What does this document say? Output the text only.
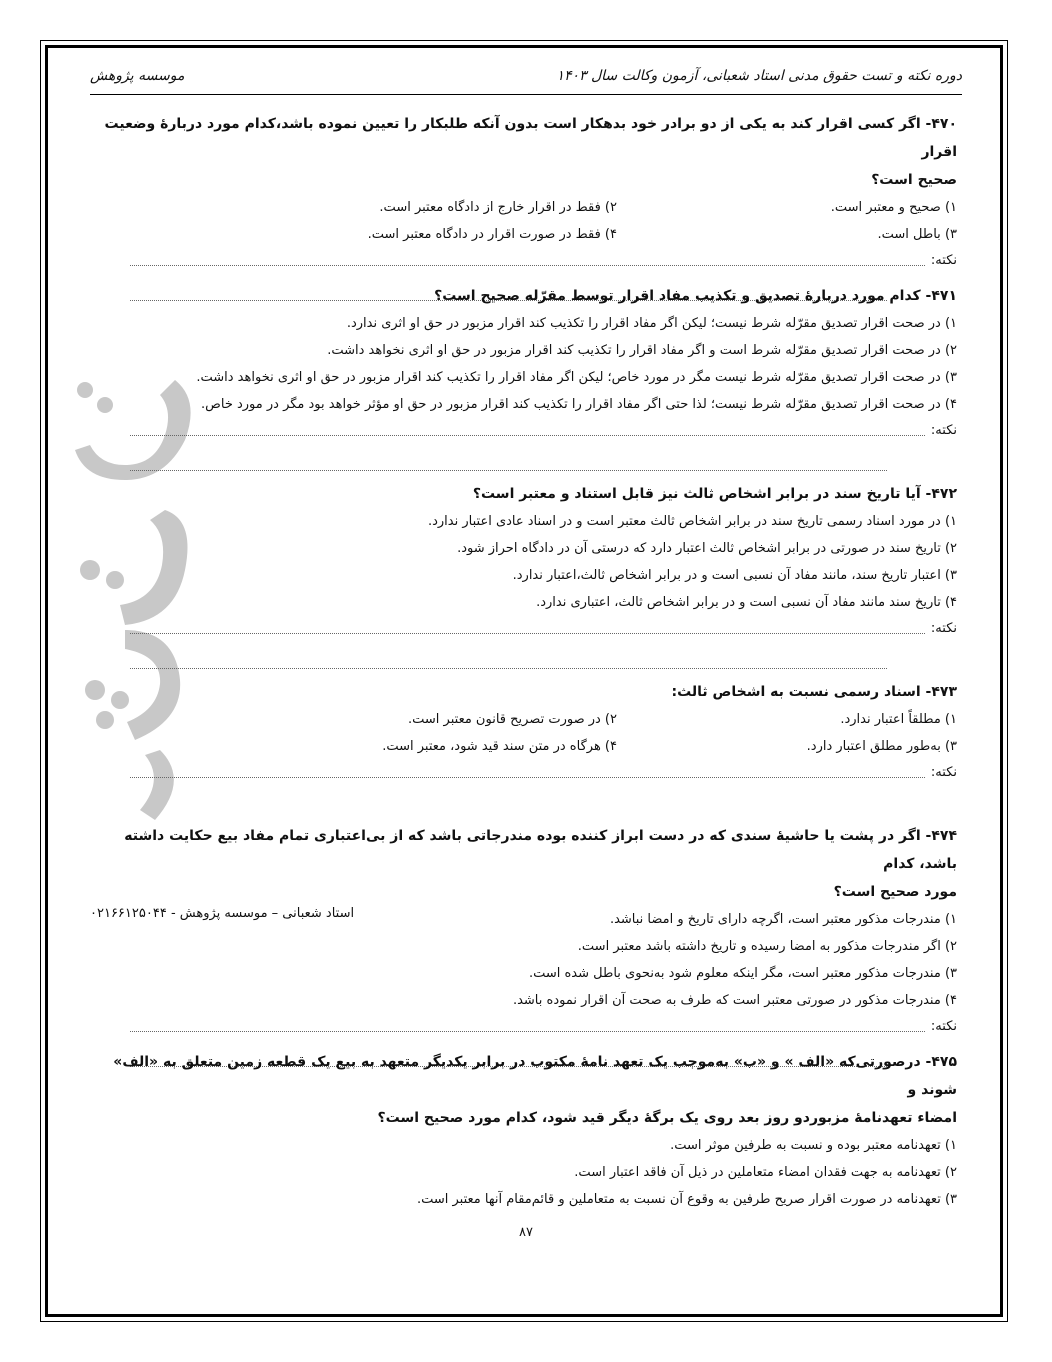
دوره نکته و تست حقوق مدنی استاد شعبانی، آزمون وکالت سال ۱۴۰۳
موسسه پژوهش
۴۷۰- اگر کسی اقرار کند به یکی از دو برادر خود بدهکار است بدون آنکه طلبکار را تعیین نموده باشد،کدام مورد دربارۀ وضعیت اقرار
صحیح است؟
۱) صحیح و معتبر است.
۲) فقط در اقرار خارج از دادگاه معتبر است.
۳) باطل است.
۴) فقط در صورت اقرار در دادگاه معتبر است.
نکته:
۴۷۱- کدام مورد دربارۀ تصدیق و تکذیب مفاد اقرار توسط مقرّله صحیح است؟
۱) در صحت اقرار تصدیق مقرّله شرط نیست؛ لیکن اگر مفاد اقرار را تکذیب کند اقرار مزبور در حق او اثری ندارد.
۲) در صحت اقرار تصدیق مقرّله شرط است و اگر مفاد اقرار را تکذیب کند اقرار مزبور در حق او اثری نخواهد داشت.
۳) در صحت اقرار تصدیق مقرّله شرط نیست مگر در مورد خاص؛ لیکن اگر مفاد اقرار را تکذیب کند اقرار مزبور در حق او اثری نخواهد داشت.
۴) در صحت اقرار تصدیق مقرّله شرط نیست؛ لذا حتی اگر مفاد اقرار را تکذیب کند اقرار مزبور در حق او مؤثر خواهد بود مگر در مورد خاص.
نکته:
۴۷۲- آیا تاریخ سند در برابر اشخاص ثالث نیز قابل استناد و معتبر است؟
۱) در مورد اسناد رسمی تاریخ سند در برابر اشخاص ثالث معتبر است و در اسناد عادی اعتبار ندارد.
۲) تاریخ سند در صورتی در برابر اشخاص ثالث اعتبار دارد که درستی آن در دادگاه احراز شود.
۳) اعتبار تاریخ سند، مانند مفاد آن نسبی است و در برابر اشخاص ثالث،اعتبار ندارد.
۴) تاریخ سند مانند مفاد آن نسبی است و در برابر اشخاص ثالث، اعتباری ندارد.
نکته:
۴۷۳- اسناد رسمی نسبت به اشخاص ثالث:
۱) مطلقاً اعتبار ندارد.
۲) در صورت تصریح قانون معتبر است.
۳) به‌طور مطلق اعتبار دارد.
۴) هرگاه در متن سند قید شود، معتبر است.
نکته:
۴۷۴- اگر در پشت یا حاشیۀ سندی که در دست ابراز کننده بوده مندرجاتی باشد که از بی‌اعتباری تمام مفاد بیع حکایت داشته باشد، کدام
مورد صحیح است؟
۱) مندرجات مذکور معتبر است، اگرچه دارای تاریخ و امضا نباشد.
استاد شعبانی – موسسه پژوهش - ۰۲۱۶۶۱۲۵۰۴۴
۲) اگر مندرجات مذکور به امضا رسیده و تاریخ داشته باشد معتبر است.
۳) مندرجات مذکور معتبر است، مگر اینکه معلوم شود به‌نحوی باطل شده است.
۴) مندرجات مذکور در صورتی معتبر است که طرف به صحت آن اقرار نموده باشد.
نکته:
۴۷۵- درصورتی‌که «الف » و «ب» به‌موجب یک تعهد نامۀ مکتوب در برابر یکدیگر متعهد به بیع یک قطعه زمین متعلق به «الف» شوند و
امضاء تعهدنامۀ مزبوردو روز بعد روی یک برگۀ دیگر قید شود، کدام مورد صحیح است؟
۱) تعهدنامه معتبر بوده و نسبت به طرفین موثر است.
۲) تعهدنامه به جهت فقدان امضاء متعاملین در ذیل آن فاقد اعتبار است.
۳) تعهدنامه در صورت اقرار صریح طرفین به وقوع آن نسبت به متعاملین و قائم‌مقام آنها معتبر است.
۸۷
